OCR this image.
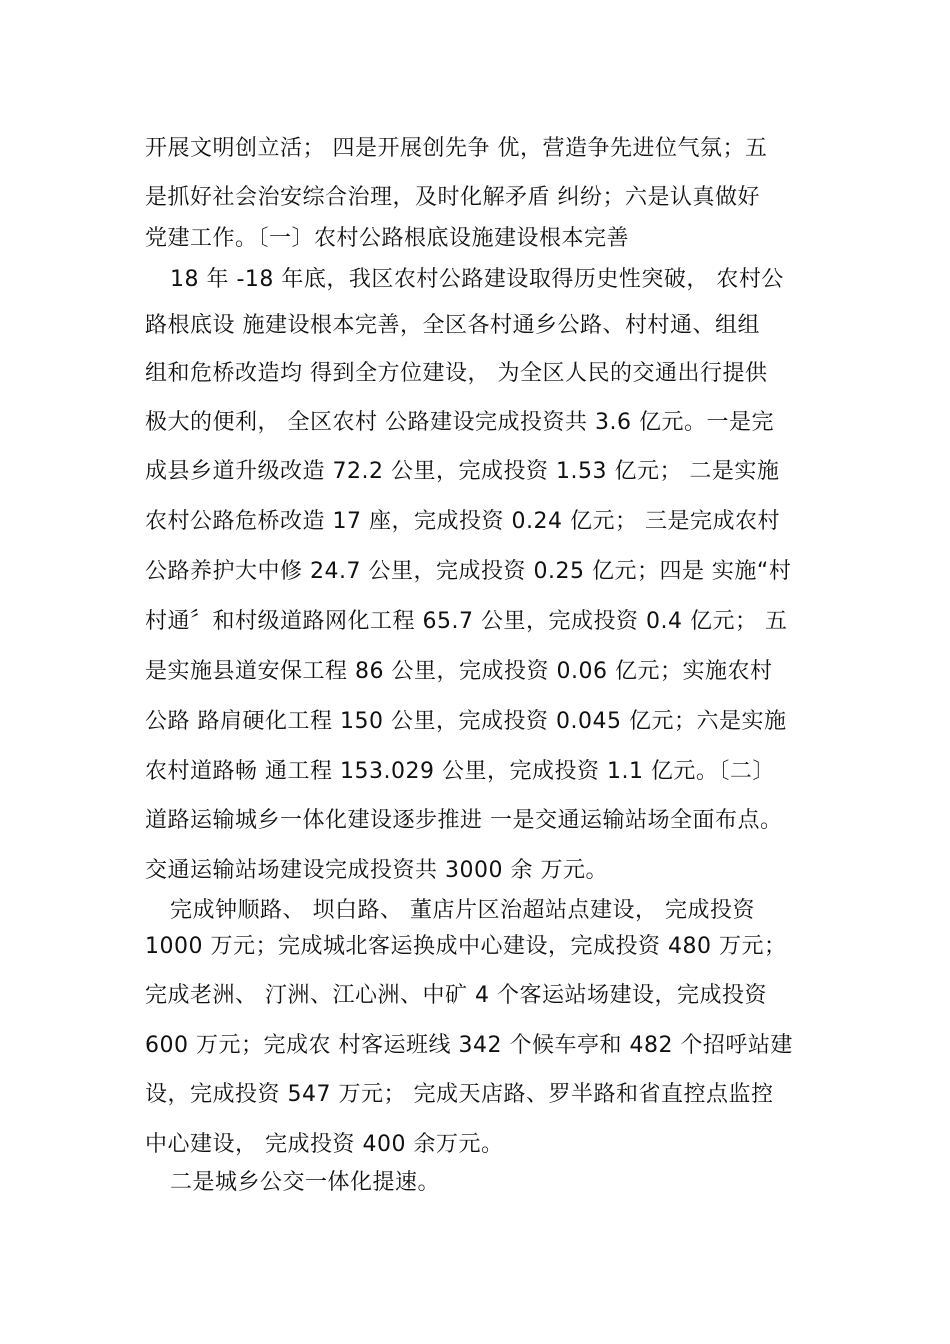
开展文明创立活； 四是开展创先争 优，营造争先进位气氛；五
是抓好社会治安综合治理，及时化解矛盾 纠纷；六是认真做好
党建工作。〔一〕农村公路根底设施建设根本完善
18 年 -18 年底，我区农村公路建设取得历史性突破， 农村公
路根底设 施建设根本完善，全区各村通乡公路、村村通、组组
组和危桥改造均 得到全方位建设， 为全区人民的交通出行提供
极大的便利， 全区农村 公路建设完成投资共 3.6 亿元。一是完
成县乡道升级改造 72.2 公里，完成投资 1.53 亿元； 二是实施
农村公路危桥改造 17 座，完成投资 0.24 亿元； 三是完成农村
公路养护大中修 24.7 公里，完成投资 0.25 亿元；四是 实施“村
村通〞和村级道路网化工程 65.7 公里，完成投资 0.4 亿元； 五
是实施县道安保工程 86 公里，完成投资 0.06 亿元；实施农村
公路 路肩硬化工程 150 公里，完成投资 0.045 亿元；六是实施
农村道路畅 通工程 153.029 公里，完成投资 1.1 亿元。〔二〕
道路运输城乡一体化建设逐步推进 一是交通运输站场全面布点。
交通运输站场建设完成投资共 3000 余 万元。
完成钟顺路、 坝白路、 董店片区治超站点建设， 完成投资
1000 万元；完成城北客运换成中心建设，完成投资 480 万元；
完成老洲、 汀洲、江心洲、中矿 4 个客运站场建设，完成投资
600 万元；完成农 村客运班线 342 个候车亭和 482 个招呼站建
设，完成投资 547 万元； 完成天店路、罗半路和省直控点监控
中心建设， 完成投资 400 余万元。
二是城乡公交一体化提速。
